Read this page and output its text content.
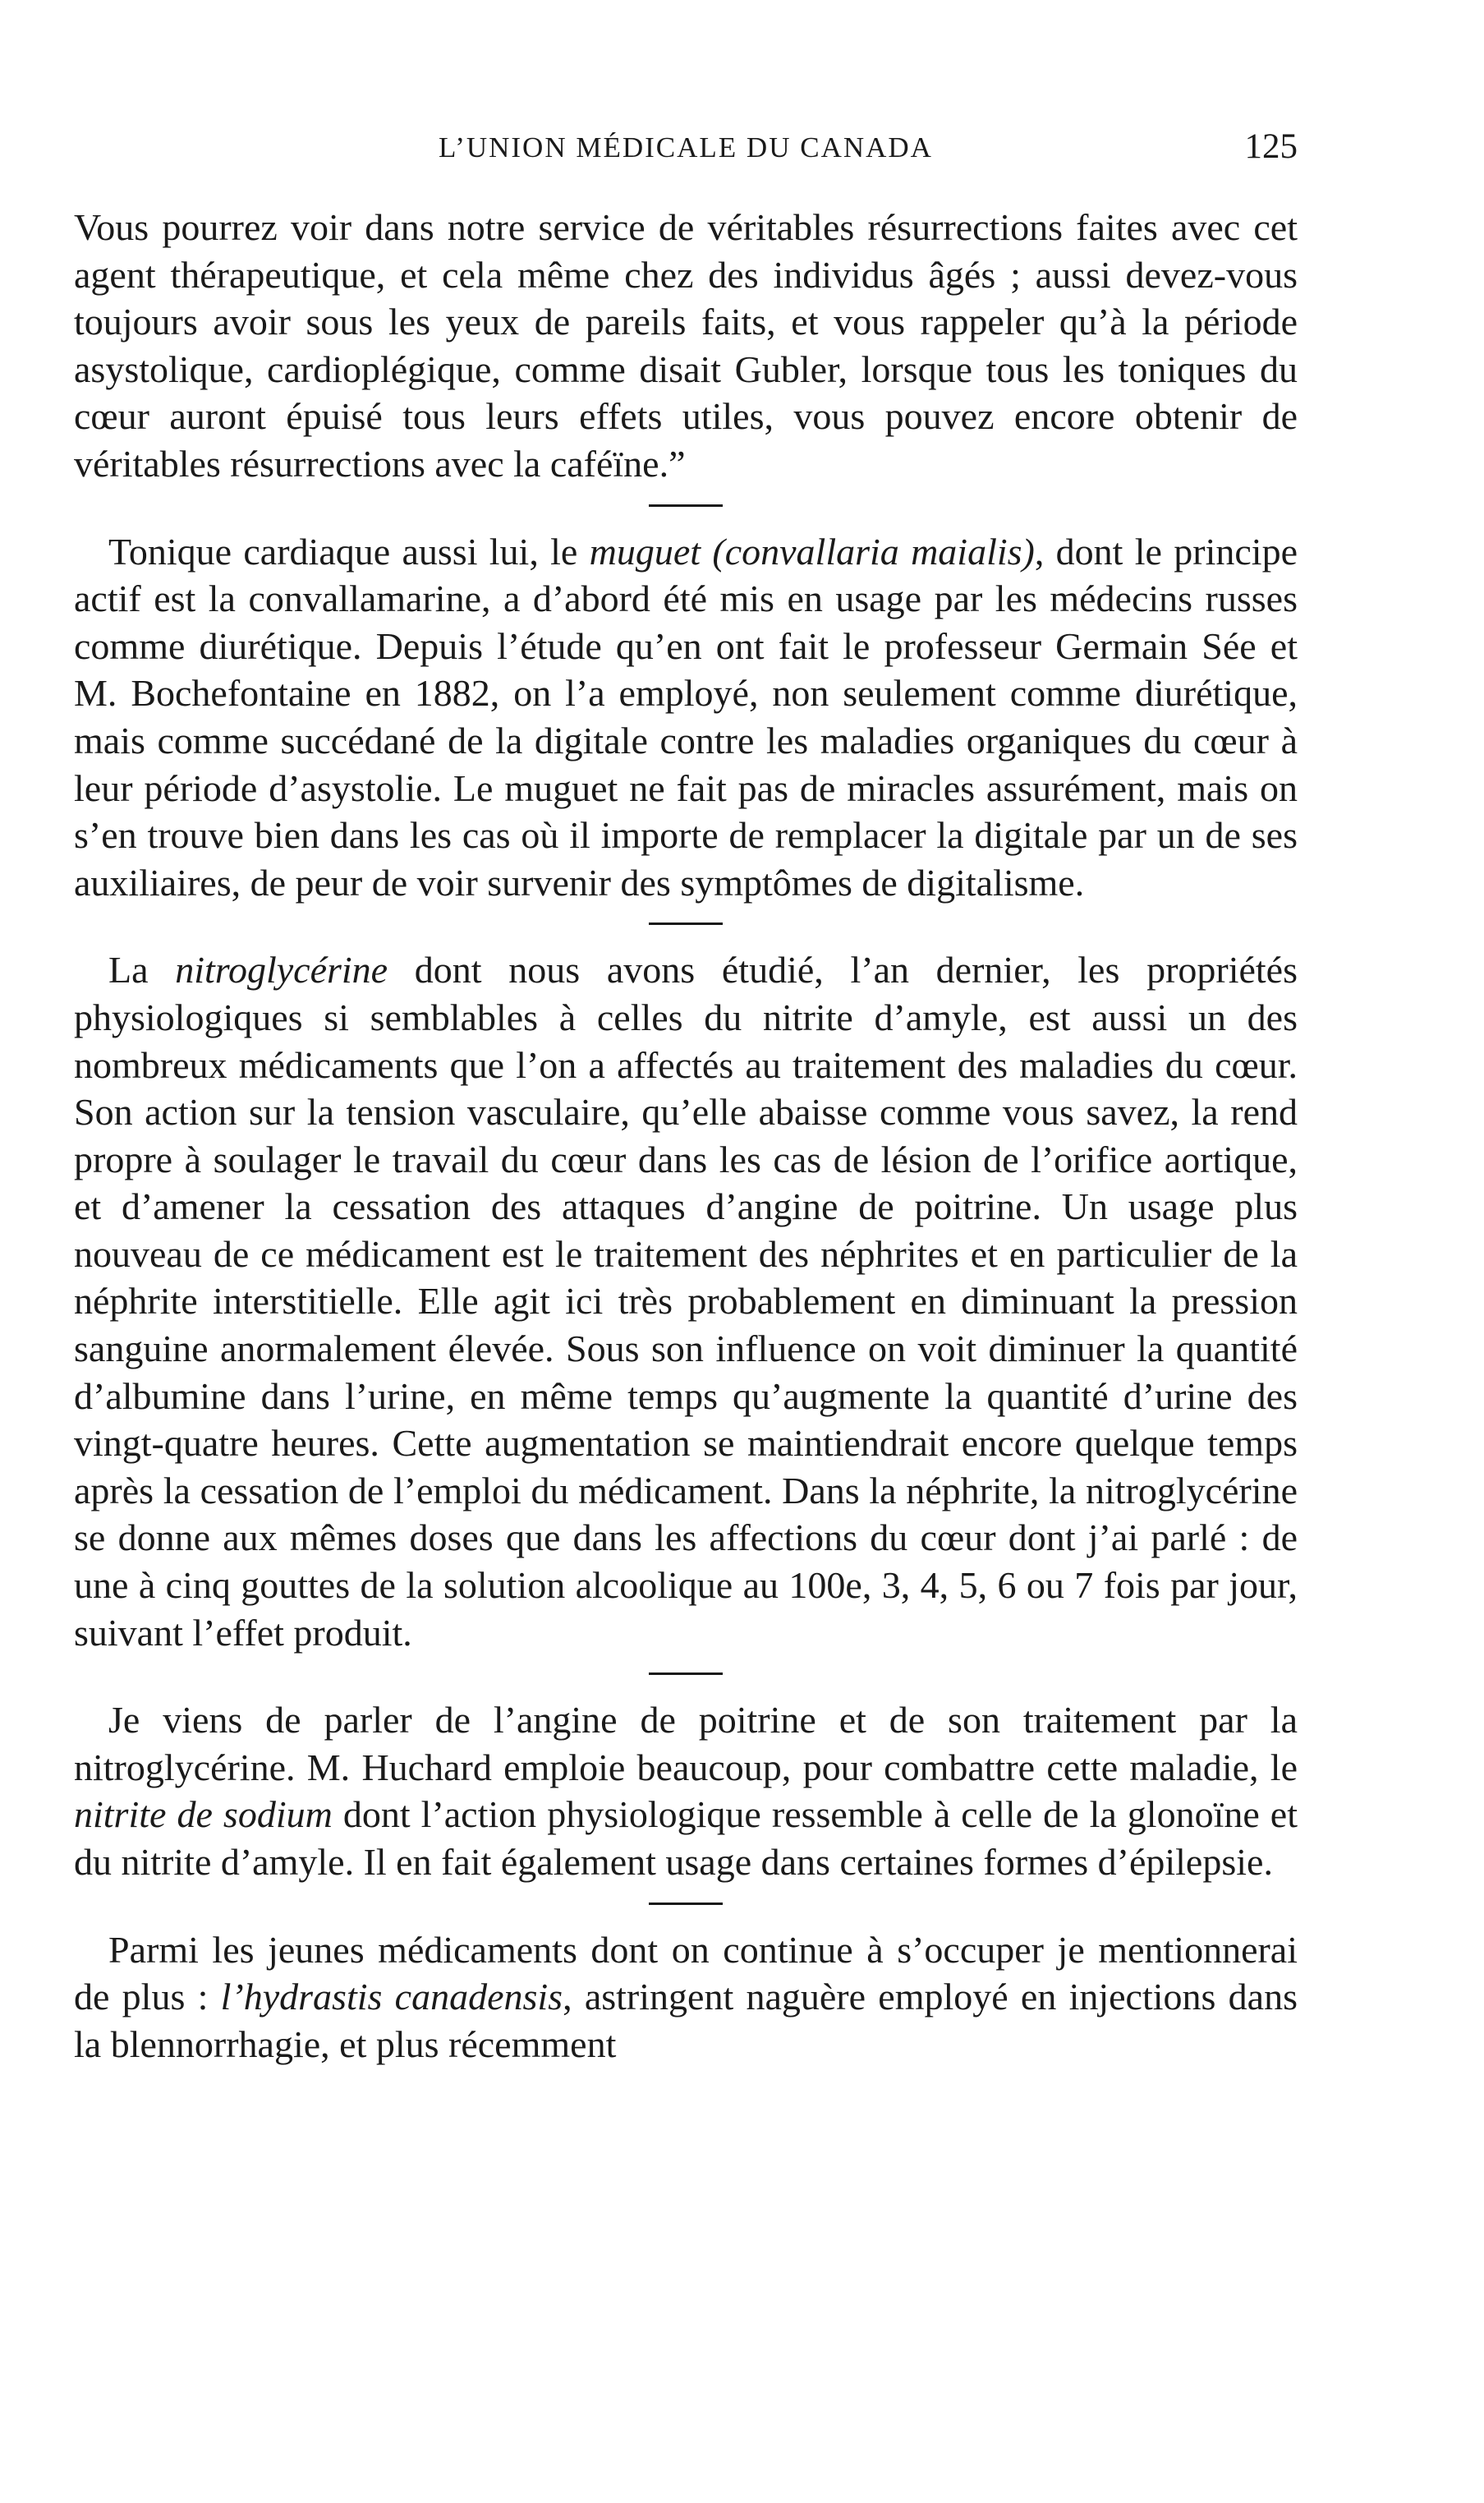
L’UNION MÉDICALE DU CANADA	125

Vous pourrez voir dans notre service de véritables résurrections faites avec cet agent thérapeutique, et cela même chez des individus âgés ; aussi devez-vous toujours avoir sous les yeux de pareils faits, et vous rappeler qu’à la période asystolique, cardioplégique, comme disait Gubler, lorsque tous les toniques du cœur auront épuisé tous leurs effets utiles, vous pouvez encore obtenir de véritables résurrections avec la caféïne.”

Tonique cardiaque aussi lui, le muguet (convallaria maialis), dont le principe actif est la convallamarine, a d’abord été mis en usage par les médecins russes comme diurétique. Depuis l’étude qu’en ont fait le professeur Germain Sée et M. Bochefontaine en 1882, on l’a employé, non seulement comme diurétique, mais comme succédané de la digitale contre les maladies organiques du cœur à leur période d’asystolie. Le muguet ne fait pas de miracles assurément, mais on s’en trouve bien dans les cas où il importe de remplacer la digitale par un de ses auxiliaires, de peur de voir survenir des symptômes de digitalisme.

La nitroglycérine dont nous avons étudié, l’an dernier, les propriétés physiologiques si semblables à celles du nitrite d’amyle, est aussi un des nombreux médicaments que l’on a affectés au traitement des maladies du cœur. Son action sur la tension vasculaire, qu’elle abaisse comme vous savez, la rend propre à soulager le travail du cœur dans les cas de lésion de l’orifice aortique, et d’amener la cessation des attaques d’angine de poitrine. Un usage plus nouveau de ce médicament est le traitement des néphrites et en particulier de la néphrite interstitielle. Elle agit ici très probablement en diminuant la pression sanguine anormalement élevée. Sous son influence on voit diminuer la quantité d’albumine dans l’urine, en même temps qu’augmente la quantité d’urine des vingt-quatre heures. Cette augmentation se maintiendrait encore quelque temps après la cessation de l’emploi du médicament. Dans la néphrite, la nitroglycérine se donne aux mêmes doses que dans les affections du cœur dont j’ai parlé : de une à cinq gouttes de la solution alcoolique au 100e, 3, 4, 5, 6 ou 7 fois par jour, suivant l’effet produit.

Je viens de parler de l’angine de poitrine et de son traitement par la nitroglycérine. M. Huchard emploie beaucoup, pour combattre cette maladie, le nitrite de sodium dont l’action physiologique ressemble à celle de la glonoïne et du nitrite d’amyle. Il en fait également usage dans certaines formes d’épilepsie.

Parmi les jeunes médicaments dont on continue à s’occuper je mentionnerai de plus : l’hydrastis canadensis, astringent naguère employé en injections dans la blennorrhagie, et plus récemment
